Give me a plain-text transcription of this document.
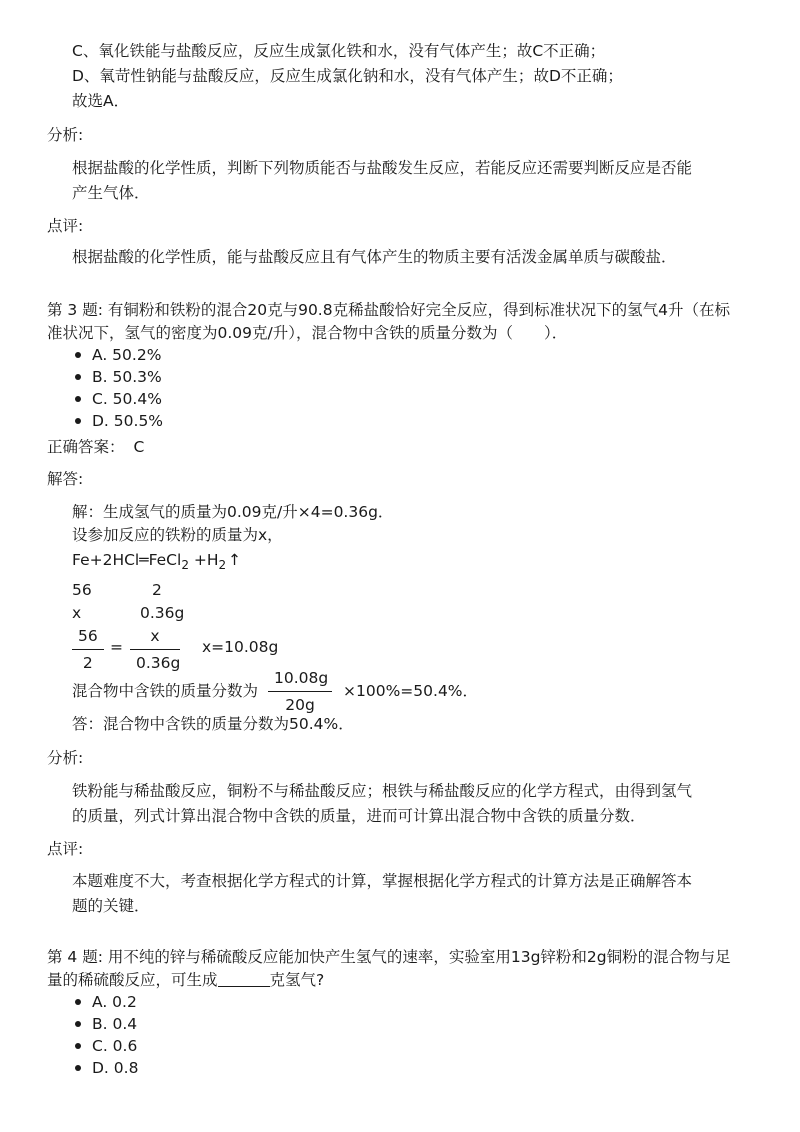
C、氧化铁能与盐酸反应，反应生成氯化铁和水，没有气体产生；故C不正确；
D、氧苛性钠能与盐酸反应，反应生成氯化钠和水，没有气体产生；故D不正确；
故选A．
分析:
根据盐酸的化学性质，判断下列物质能否与盐酸发生反应，若能反应还需要判断反应是否能
产生气体．
点评:
根据盐酸的化学性质，能与盐酸反应且有气体产生的物质主要有活泼金属单质与碳酸盐．
第 3 题: 有铜粉和铁粉的混合20克与90.8克稀盐酸恰好完全反应，得到标准状况下的氢气4升（在标
准状况下，氢气的密度为0.09克/升），混合物中含铁的质量分数为（　　）．
A. 50.2%
B. 50.3%
C. 50.4%
D. 50.5%
正确答案： C
解答:
解：生成氢气的质量为0.09克/升×4=0.36g．
设参加反应的铁粉的质量为x，
Fe+2HCl═FeCl$_2$ $+H_2$ ↑
56	2
x	0.36g
56
2
=
x
0.36g
x=10.08g
混合物中含铁的质量分数为
10.08g
20g
×100%=50.4%．
答：混合物中含铁的质量分数为50.4%．
分析:
铁粉能与稀盐酸反应，铜粉不与稀盐酸反应；根铁与稀盐酸反应的化学方程式，由得到氢气
的质量，列式计算出混合物中含铁的质量，进而可计算出混合物中含铁的质量分数．
点评:
本题难度不大，考查根据化学方程式的计算，掌握根据化学方程式的计算方法是正确解答本
题的关键．
第 4 题: 用不纯的锌与稀硫酸反应能加快产生氢气的速率，实验室用13g锌粉和2g铜粉的混合物与足
量的稀硫酸反应，可生成	克氢气?
A. 0.2
B. 0.4
C. 0.6
D. 0.8
